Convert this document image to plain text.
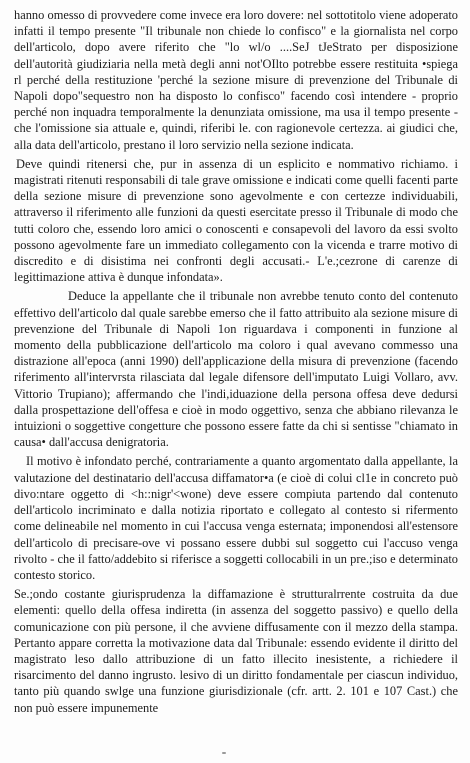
hanno omesso di provvedere come invece era loro dovere: nel sottotitolo viene adoperato infatti il tempo presente "Il tribunale non chiede lo confisco" e la giornalista nel corpo dell'articolo, dopo avere riferito che "lo wl/o ....SeJ tJeStrato per disposizione dell'autorità giudiziaria nella metà degli anni not'OIlto potrebbe essere restituita •spiega rl perché della restituzione 'perché la sezione misure di prevenzione del Tribunale di Napoli dopo"sequestro non ha disposto lo confisco" facendo così intendere - proprio perché non inquadra temporalmente la denunziata omissione, ma usa il tempo presente - che l'omissione sia attuale e, quindi, riferibi le. con ragionevole certezza. ai giudici che, alla data dell'articolo, prestano il loro servizio nella sezione indicata.

Deve quindi ritenersi che, pur in assenza di un esplicito e nommativo richiamo. i magistrati ritenuti responsabili di tale grave omissione e indicati come quelli facenti parte della sezione misure di prevenzione sono agevolmente e con certezze individuabili, attraverso il riferimento alle funzioni da questi esercitate presso il Tribunale di modo che tutti coloro che, essendo loro amici o conoscenti e consapevoli del lavoro da essi svolto possono agevolmente fare un immediato collegamento con la vicenda e trarre motivo di discredito e di disistima nei confronti degli accusati.- L'e.;cezrone di carenze di legittimazione attiva è dunque infondata».

Deduce la appellante che il tribunale non avrebbe tenuto conto del contenuto effettivo dell'articolo dal quale sarebbe emerso che il fatto attribuito ala sezione misure di prevenzione del Tribunale di Napoli 1on riguardava i componenti in funzione al momento della pubblicazione dell'articolo ma coloro i qual avevano commesso una distrazione all'epoca (anni 1990) dell'applicazione della misura di prevenzione (facendo riferimento all'intervrsta rilasciata dal legale difensore dell'imputato Luigi Vollaro, avv. Vittorio Trupiano); affermando che l'indi,iduazione della persona offesa deve dedursi dalla prospettazione dell'offesa e cioè in modo oggettivo, senza che abbiano rilevanza le intuizioni o soggettive congetture che possono essere fatte da chi si sentisse "chiamato in causa• dall'accusa denigratoria.

Il motivo è infondato perché, contrariamente a quanto argomentato dalla appellante, la valutazione del destinatario dell'accusa diffamator•a (e cioè di colui cl1e in concreto può divo:ntare oggetto di <h::nigr'<wone) deve essere compiuta partendo dal contenuto dell'articolo incriminato e dalla notizia riportato e collegato al contesto si rifermento come delineabile nel momento in cui l'accusa venga esternata; imponendosi all'estensore dell'articolo di precisare-ove vi possano essere dubbi sul soggetto cui l'accuso venga rivolto - che il fatto/addebito si riferisce a soggetti collocabili in un pre.;iso e determinato contesto storico.

Se.;ondo costante giurisprudenza la diffamazione è strutturalrrente costruita da due elementi: quello della offesa indiretta (in assenza del soggetto passivo) e quello della comunicazione con più persone, il che avviene diffusamente con il mezzo della stampa. Pertanto appare corretta la motivazione data dal Tribunale: essendo evidente il diritto del magistrato leso dallo attribuzione di un fatto illecito inesistente, a richiedere il risarcimento del danno ingrusto. lesivo di un diritto fondamentale per ciascun individuo, tanto più quando swlge una funzione giurisdizionale (cfr. artt. 2. 101 e 107 Cast.) che non può essere impunemente
